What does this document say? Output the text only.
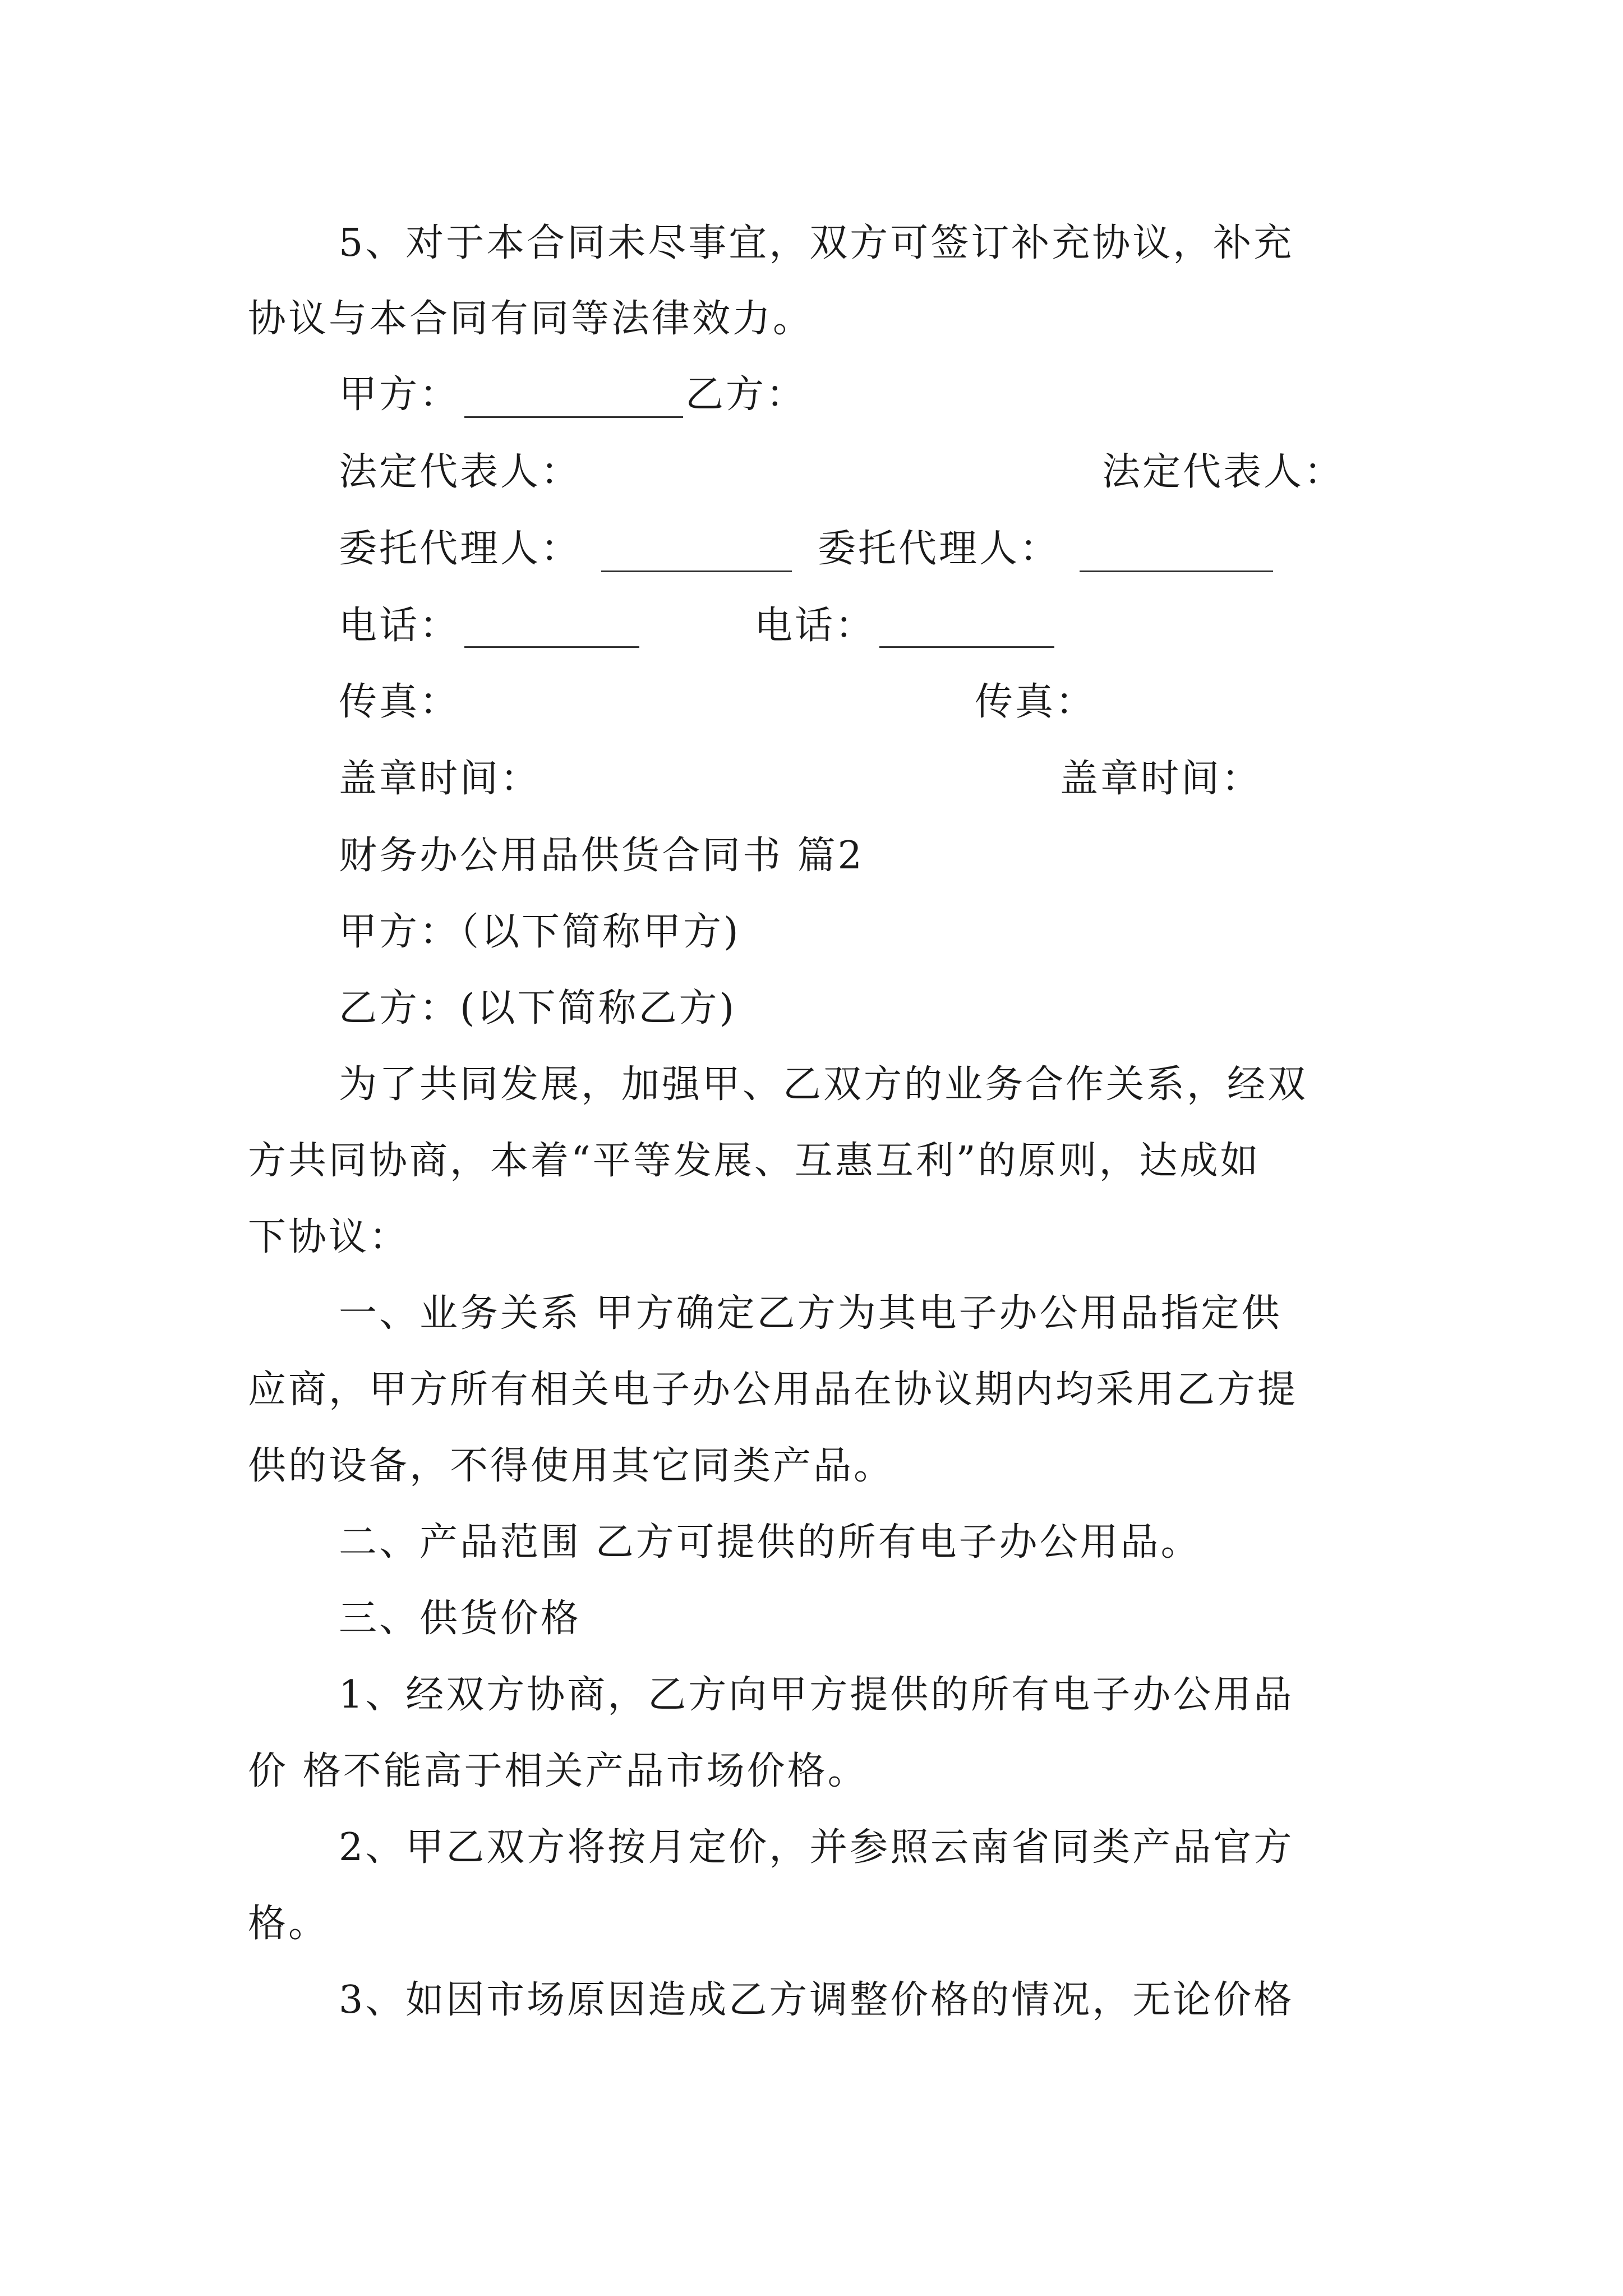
5、对于本合同未尽事宜，双方可签订补充协议，补充
协议与本合同有同等法律效力。
甲方：	乙方：
法定代表人：	法定代表人：
委托代理人：	委托代理人：
电话：	电话：
传真：	传真：
盖章时间：	盖章时间：
财务办公用品供货合同书 篇2
甲方：（以下简称甲方)
乙方：(以下简称乙方)
为了共同发展，加强甲、乙双方的业务合作关系，经双
方共同协商，本着“平等发展、互惠互利”的原则，达成如
下协议：
一、业务关系 甲方确定乙方为其电子办公用品指定供
应商，甲方所有相关电子办公用品在协议期内均采用乙方提
供的设备，不得使用其它同类产品。
二、产品范围 乙方可提供的所有电子办公用品。
三、供货价格
1、经双方协商，乙方向甲方提供的所有电子办公用品
价 格不能高于相关产品市场价格。
2、甲乙双方将按月定价，并参照云南省同类产品官方
格。
3、如因市场原因造成乙方调整价格的情况，无论价格
